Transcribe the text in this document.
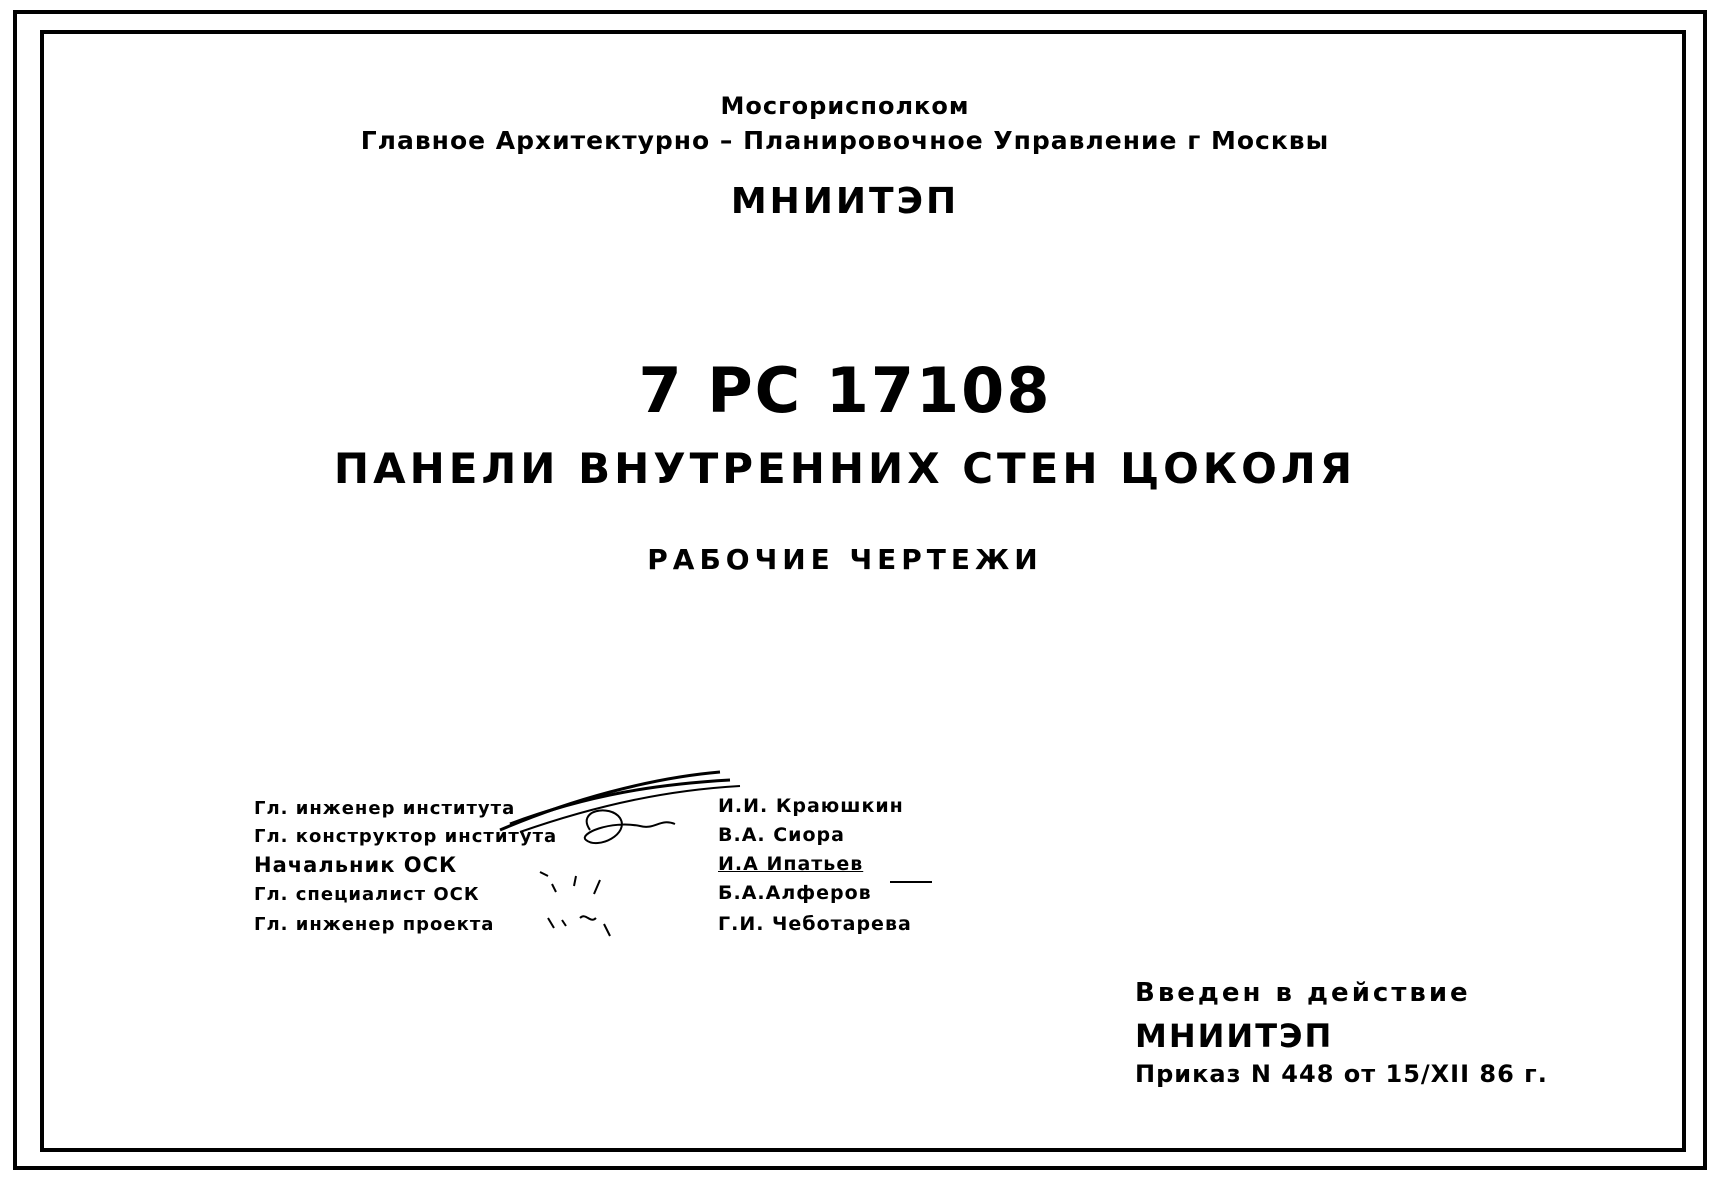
Мосгорисполком
Главное Архитектурно – Планировочное Управление г Москвы
МНИИТЭП
7 РС 17108
ПАНЕЛИ ВНУТРЕННИХ СТЕН ЦОКОЛЯ
РАБОЧИЕ ЧЕРТЕЖИ
Гл. инженер института
Гл. конструктор института
Начальник ОСК
Гл. специалист ОСК
Гл. инженер проекта
И.И. Краюшкин
В.А. Сиора
И.А Ипатьев
Б.А.Алферов
Г.И. Чеботарева
Введен в действие
МНИИТЭП
Приказ N 448 от 15/XII 86 г.
